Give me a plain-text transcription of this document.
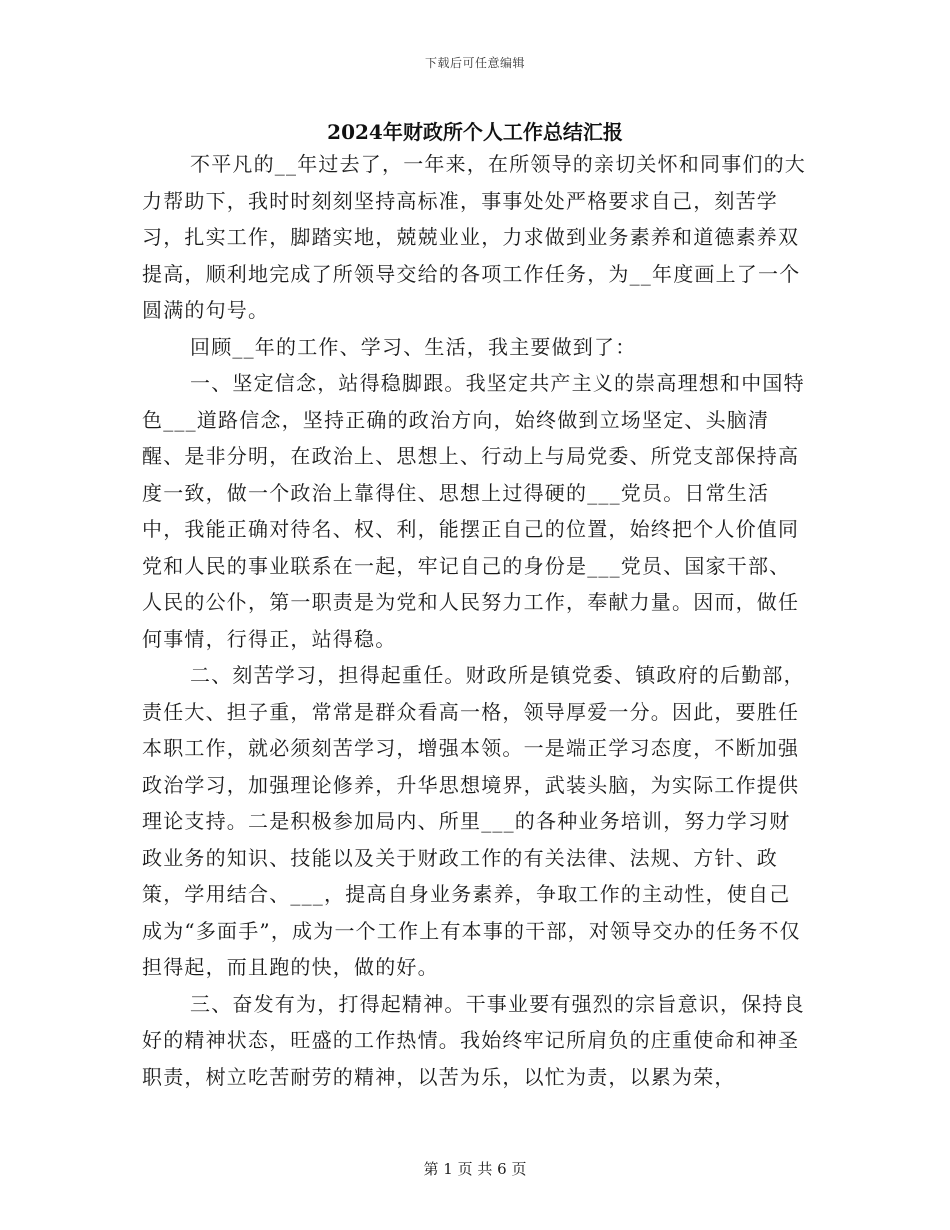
下载后可任意编辑
2024年财政所个人工作总结汇报

不平凡的__年过去了，一年来，在所领导的亲切关怀和同事们的大力帮助下，我时时刻刻坚持高标准，事事处处严格要求自己，刻苦学习，扎实工作，脚踏实地，兢兢业业，力求做到业务素养和道德素养双提高，顺利地完成了所领导交给的各项工作任务，为__年度画上了一个圆满的句号。

回顾__年的工作、学习、生活，我主要做到了：

一、坚定信念，站得稳脚跟。我坚定共产主义的崇高理想和中国特色___道路信念，坚持正确的政治方向，始终做到立场坚定、头脑清醒、是非分明，在政治上、思想上、行动上与局党委、所党支部保持高度一致，做一个政治上靠得住、思想上过得硬的___党员。日常生活中，我能正确对待名、权、利，能摆正自己的位置，始终把个人价值同党和人民的事业联系在一起，牢记自己的身份是___党员、国家干部、人民的公仆，第一职责是为党和人民努力工作，奉献力量。因而，做任何事情，行得正，站得稳。

二、刻苦学习，担得起重任。财政所是镇党委、镇政府的后勤部，责任大、担子重，常常是群众看高一格，领导厚爱一分。因此，要胜任本职工作，就必须刻苦学习，增强本领。一是端正学习态度，不断加强政治学习，加强理论修养，升华思想境界，武装头脑，为实际工作提供理论支持。二是积极参加局内、所里___的各种业务培训，努力学习财政业务的知识、技能以及关于财政工作的有关法律、法规、方针、政策，学用结合、___，提高自身业务素养，争取工作的主动性，使自己成为“多面手”，成为一个工作上有本事的干部，对领导交办的任务不仅担得起，而且跑的快，做的好。

三、奋发有为，打得起精神。干事业要有强烈的宗旨意识，保持良好的精神状态，旺盛的工作热情。我始终牢记所肩负的庄重使命和神圣职责，树立吃苦耐劳的精神，以苦为乐，以忙为责，以累为荣，

第 1 页 共 6 页
